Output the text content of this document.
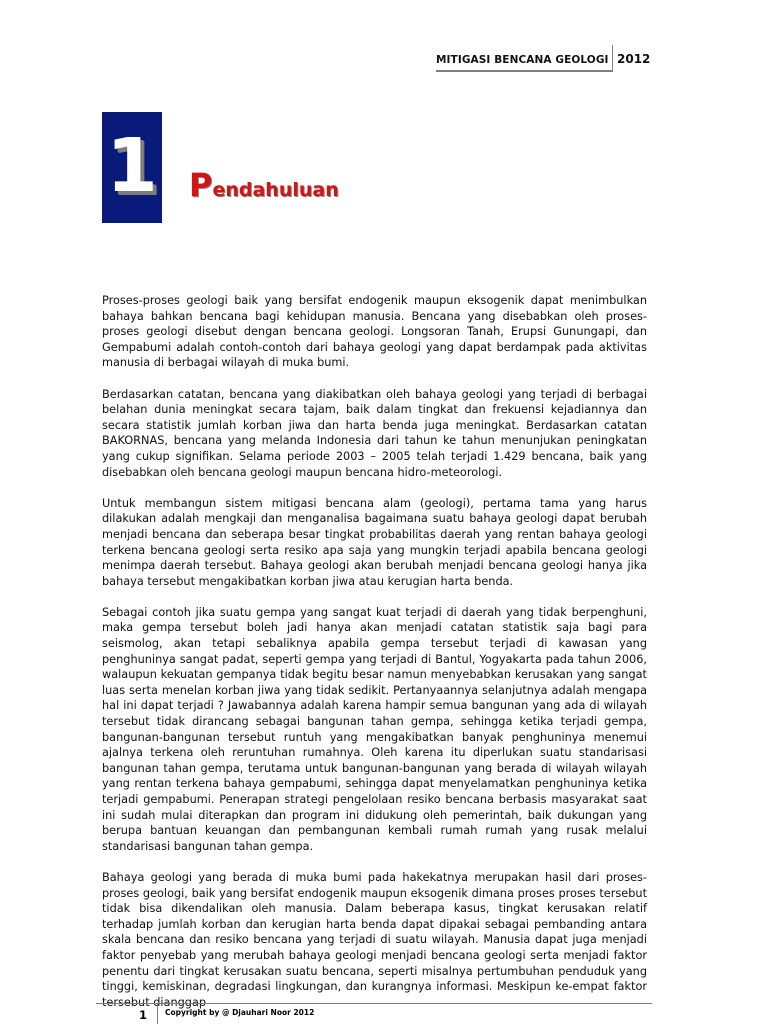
MITIGASI BENCANA GEOLOGI 2012
1 Pendahuluan

Proses-proses geologi baik yang bersifat endogenik maupun eksogenik dapat menimbulkan bahaya bahkan bencana bagi kehidupan manusia. Bencana yang disebabkan oleh proses-proses geologi disebut dengan bencana geologi. Longsoran Tanah, Erupsi Gunungapi, dan Gempabumi adalah contoh-contoh dari bahaya geologi yang dapat berdampak pada aktivitas manusia di berbagai wilayah di muka bumi.

Berdasarkan catatan, bencana yang diakibatkan oleh bahaya geologi yang terjadi di berbagai belahan dunia meningkat secara tajam, baik dalam tingkat dan frekuensi kejadiannya dan secara statistik jumlah korban jiwa dan harta benda juga meningkat. Berdasarkan catatan BAKORNAS, bencana yang melanda Indonesia dari tahun ke tahun menunjukan peningkatan yang cukup signifikan. Selama periode 2003 – 2005 telah terjadi 1.429 bencana, baik yang disebabkan oleh bencana geologi maupun bencana hidro-meteorologi.

Untuk membangun sistem mitigasi bencana alam (geologi), pertama tama yang harus dilakukan adalah mengkaji dan menganalisa bagaimana suatu bahaya geologi dapat berubah menjadi bencana dan seberapa besar tingkat probabilitas daerah yang rentan bahaya geologi terkena bencana geologi serta resiko apa saja yang mungkin terjadi apabila bencana geologi menimpa daerah tersebut. Bahaya geologi akan berubah menjadi bencana geologi hanya jika bahaya tersebut mengakibatkan korban jiwa atau kerugian harta benda.

Sebagai contoh jika suatu gempa yang sangat kuat terjadi di daerah yang tidak berpenghuni, maka gempa tersebut boleh jadi hanya akan menjadi catatan statistik saja bagi para seismolog, akan tetapi sebaliknya apabila gempa tersebut terjadi di kawasan yang penghuninya sangat padat, seperti gempa yang terjadi di Bantul, Yogyakarta pada tahun 2006, walaupun kekuatan gempanya tidak begitu besar namun menyebabkan kerusakan yang sangat luas serta menelan korban jiwa yang tidak sedikit. Pertanyaannya selanjutnya adalah mengapa hal ini dapat terjadi ? Jawabannya adalah karena hampir semua bangunan yang ada di wilayah tersebut tidak dirancang sebagai bangunan tahan gempa, sehingga ketika terjadi gempa, bangunan-bangunan tersebut runtuh yang mengakibatkan banyak penghuninya menemui ajalnya terkena oleh reruntuhan rumahnya. Oleh karena itu diperlukan suatu standarisasi bangunan tahan gempa, terutama untuk bangunan-bangunan yang berada di wilayah wilayah yang rentan terkena bahaya gempabumi, sehingga dapat menyelamatkan penghuninya ketika terjadi gempabumi. Penerapan strategi pengelolaan resiko bencana berbasis masyarakat saat ini sudah mulai diterapkan dan program ini didukung oleh pemerintah, baik dukungan yang berupa bantuan keuangan dan pembangunan kembali rumah rumah yang rusak melalui standarisasi bangunan tahan gempa.

Bahaya geologi yang berada di muka bumi pada hakekatnya merupakan hasil dari proses-proses geologi, baik yang bersifat endogenik maupun eksogenik dimana proses proses tersebut tidak bisa dikendalikan oleh manusia. Dalam beberapa kasus, tingkat kerusakan relatif terhadap jumlah korban dan kerugian harta benda dapat dipakai sebagai pembanding antara skala bencana dan resiko bencana yang terjadi di suatu wilayah. Manusia dapat juga menjadi faktor penyebab yang merubah bahaya geologi menjadi bencana geologi serta menjadi faktor penentu dari tingkat kerusakan suatu bencana, seperti misalnya pertumbuhan penduduk yang tinggi, kemiskinan, degradasi lingkungan, dan kurangnya informasi. Meskipun ke-empat faktor

1 Copyright by @ Djauhari Noor 2012
